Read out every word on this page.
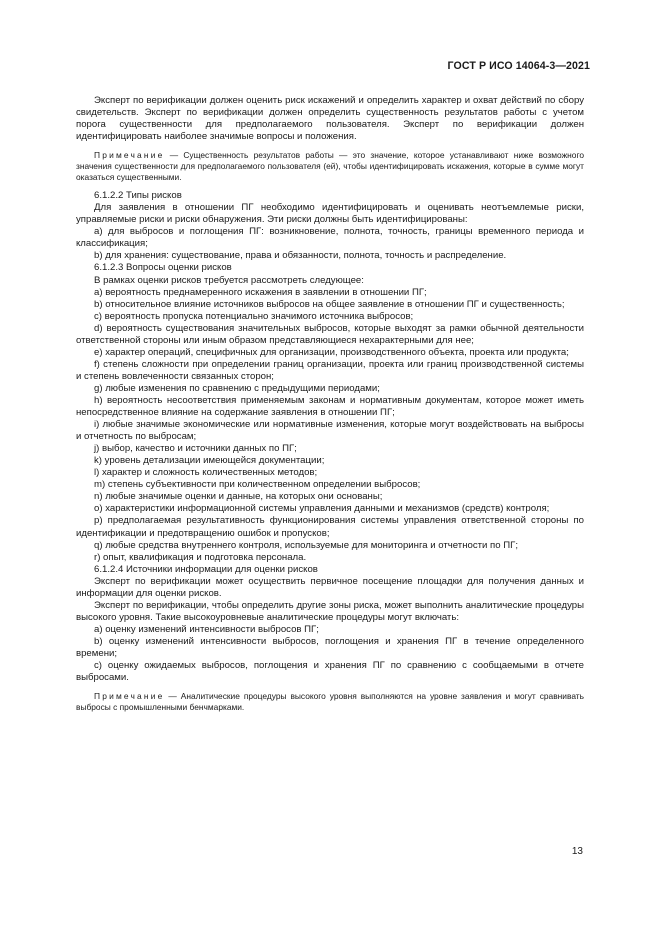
ГОСТ Р ИСО 14064-3—2021

Эксперт по верификации должен оценить риск искажений и определить характер и охват действий по сбору свидетельств. Эксперт по верификации должен определить существенность результатов работы с учетом порога существенности для предполагаемого пользователя. Эксперт по верификации должен идентифицировать наиболее значимые вопросы и положения.

Примечание — Существенность результатов работы — это значение, которое устанавливают ниже возможного значения существенности для предполагаемого пользователя (ей), чтобы идентифицировать искажения, которые в сумме могут оказаться существенными.

6.1.2.2 Типы рисков

Для заявления в отношении ПГ необходимо идентифицировать и оценивать неотъемлемые риски, управляемые риски и риски обнаружения. Эти риски должны быть идентифицированы:

a) для выбросов и поглощения ПГ: возникновение, полнота, точность, границы временного периода и классификация;

b) для хранения: существование, права и обязанности, полнота, точность и распределение.

6.1.2.3 Вопросы оценки рисков

В рамках оценки рисков требуется рассмотреть следующее:

a) вероятность преднамеренного искажения в заявлении в отношении ПГ;

b) относительное влияние источников выбросов на общее заявление в отношении ПГ и существенность;

c) вероятность пропуска потенциально значимого источника выбросов;

d) вероятность существования значительных выбросов, которые выходят за рамки обычной деятельности ответственной стороны или иным образом представляющиеся нехарактерными для нее;

e) характер операций, специфичных для организации, производственного объекта, проекта или продукта;

f) степень сложности при определении границ организации, проекта или границ производственной системы и степень вовлеченности связанных сторон;

g) любые изменения по сравнению с предыдущими периодами;

h) вероятность несоответствия применяемым законам и нормативным документам, которое может иметь непосредственное влияние на содержание заявления в отношении ПГ;

i) любые значимые экономические или нормативные изменения, которые могут воздействовать на выбросы и отчетность по выбросам;

j) выбор, качество и источники данных по ПГ;

k) уровень детализации имеющейся документации;

l) характер и сложность количественных методов;

m) степень субъективности при количественном определении выбросов;

n) любые значимые оценки и данные, на которых они основаны;

o) характеристики информационной системы управления данными и механизмов (средств) контроля;

p) предполагаемая результативность функционирования системы управления ответственной стороны по идентификации и предотвращению ошибок и пропусков;

q) любые средства внутреннего контроля, используемые для мониторинга и отчетности по ПГ;

r) опыт, квалификация и подготовка персонала.

6.1.2.4 Источники информации для оценки рисков

Эксперт по верификации может осуществить первичное посещение площадки для получения данных и информации для оценки рисков.

Эксперт по верификации, чтобы определить другие зоны риска, может выполнить аналитические процедуры высокого уровня. Такие высокоуровневые аналитические процедуры могут включать:

a) оценку изменений интенсивности выбросов ПГ;

b) оценку изменений интенсивности выбросов, поглощения и хранения ПГ в течение определенного времени;

c) оценку ожидаемых выбросов, поглощения и хранения ПГ по сравнению с сообщаемыми в отчете выбросами.

Примечание — Аналитические процедуры высокого уровня выполняются на уровне заявления и могут сравнивать выбросы с промышленными бенчмарками.

13
